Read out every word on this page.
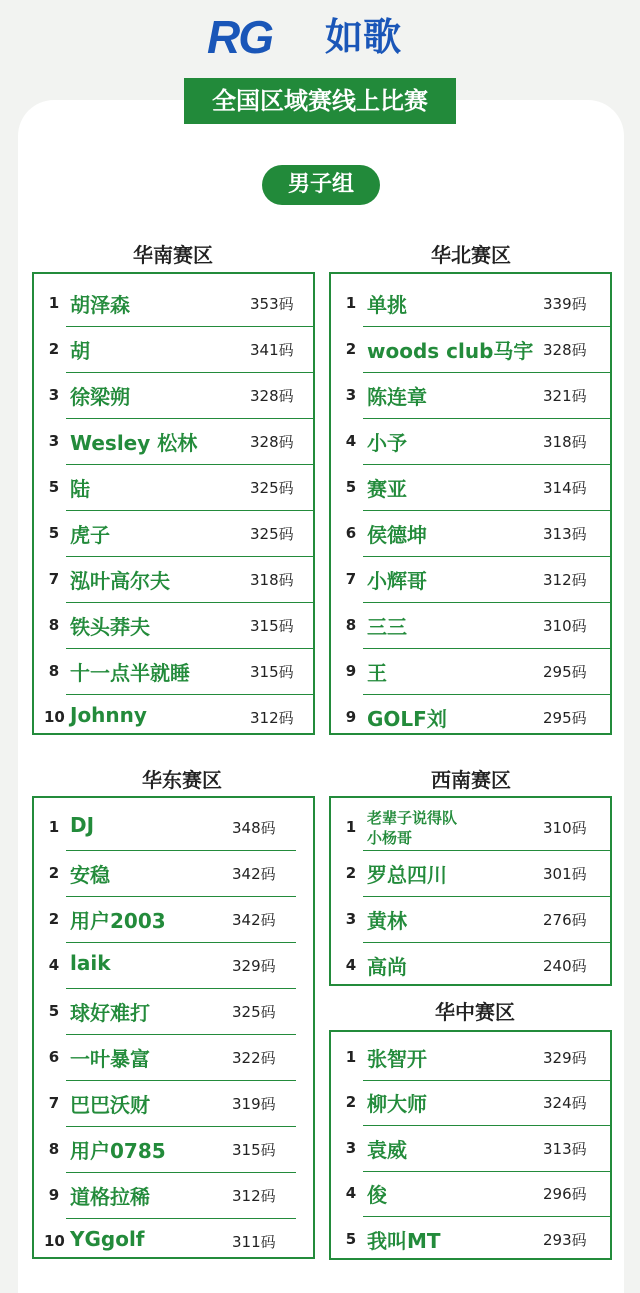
RG 如歌
全国区域赛线上比赛
男子组
华南赛区
1 胡泽森	353码
2 胡	341码
3 徐梁朔	328码
3 Wesley 松林	328码
5 陆	325码
5 虎子	325码
7 泓叶高尔夫	318码
8 铁头莽夫	315码
8 十一点半就睡	315码
10 Johnny	312码
华北赛区
1 单挑	339码
2 woods club马宇 328码
3 陈连章	321码
4 小予	318码
5 赛亚	314码
6 侯德坤	313码
7 小辉哥	312码
8 三三	310码
9 王	295码
9 GOLF刘	295码
华东赛区
1 DJ	348码
2 安稳	342码
2 用户2003	342码
4 laik	329码
5 球好难打	325码
6 一叶暴富	322码
7 巴巴沃财	319码
8 用户0785	315码
9 道格拉稀	312码
10 YGgolf	311码
西南赛区
1 老辈子说得队
小杨哥
310码
2 罗总四川	301码
3 黄林	276码
4 高尚	240码
华中赛区
1 张智开	329码
2 柳大师	324码
3 袁威	313码
4 俊	296码
5 我叫MT	293码
